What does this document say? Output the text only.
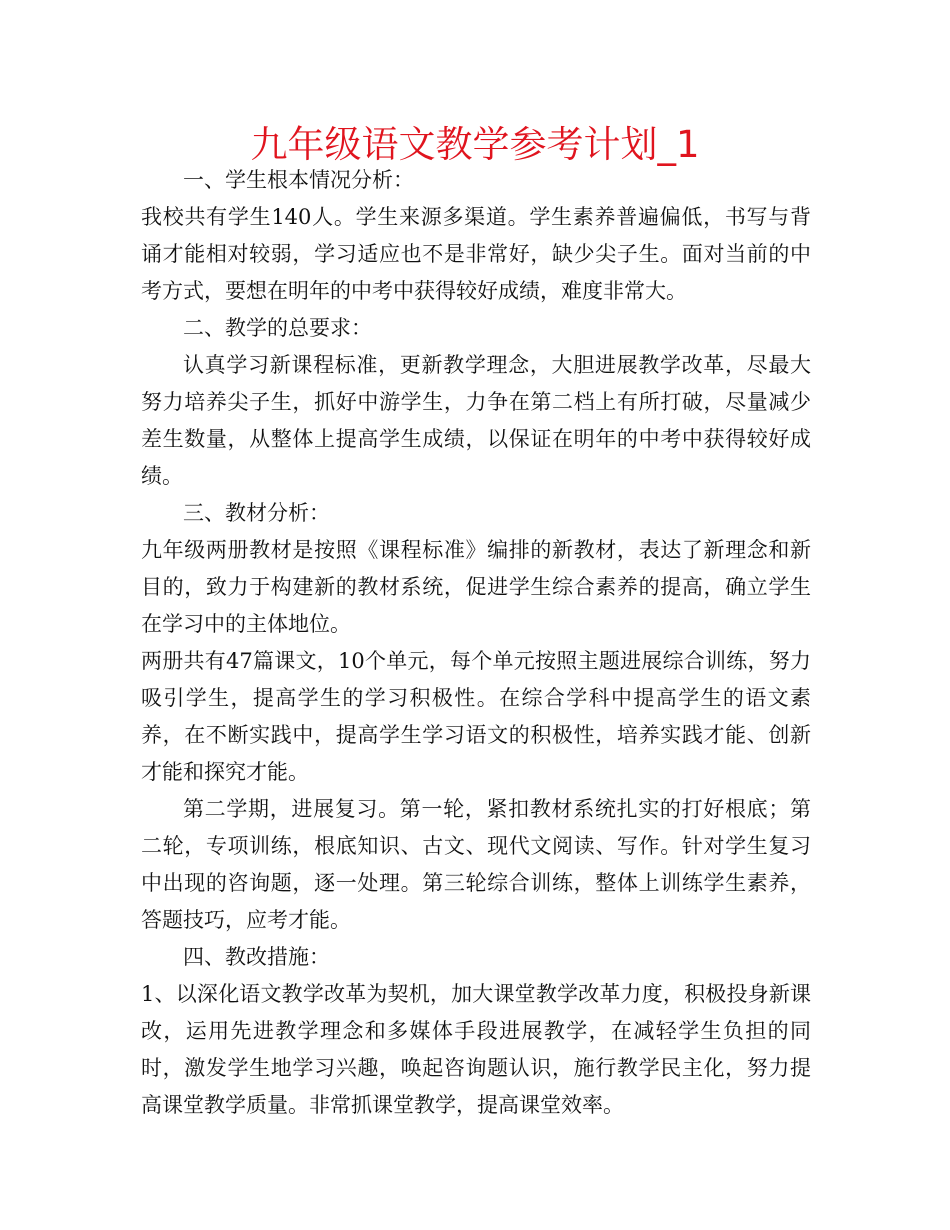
九年级语文教学参考计划_1

一、学生根本情况分析：

我校共有学生140人。学生来源多渠道。学生素养普遍偏低，书写与背诵才能相对较弱，学习适应也不是非常好，缺少尖子生。面对当前的中考方式，要想在明年的中考中获得较好成绩，难度非常大。

二、教学的总要求：

认真学习新课程标准，更新教学理念，大胆进展教学改革，尽最大努力培养尖子生，抓好中游学生，力争在第二档上有所打破，尽量减少差生数量，从整体上提高学生成绩，以保证在明年的中考中获得较好成绩。

三、教材分析：

九年级两册教材是按照《课程标准》编排的新教材，表达了新理念和新目的，致力于构建新的教材系统，促进学生综合素养的提高，确立学生在学习中的主体地位。

两册共有47篇课文，10个单元，每个单元按照主题进展综合训练，努力吸引学生，提高学生的学习积极性。在综合学科中提高学生的语文素养，在不断实践中，提高学生学习语文的积极性，培养实践才能、创新才能和探究才能。

第二学期，进展复习。第一轮，紧扣教材系统扎实的打好根底；第二轮，专项训练，根底知识、古文、现代文阅读、写作。针对学生复习中出现的咨询题，逐一处理。第三轮综合训练，整体上训练学生素养，答题技巧，应考才能。

四、教改措施：

1、以深化语文教学改革为契机，加大课堂教学改革力度，积极投身新课改，运用先进教学理念和多媒体手段进展教学，在减轻学生负担的同时，激发学生地学习兴趣，唤起咨询题认识，施行教学民主化，努力提高课堂教学质量。非常抓课堂教学，提高课堂效率。
